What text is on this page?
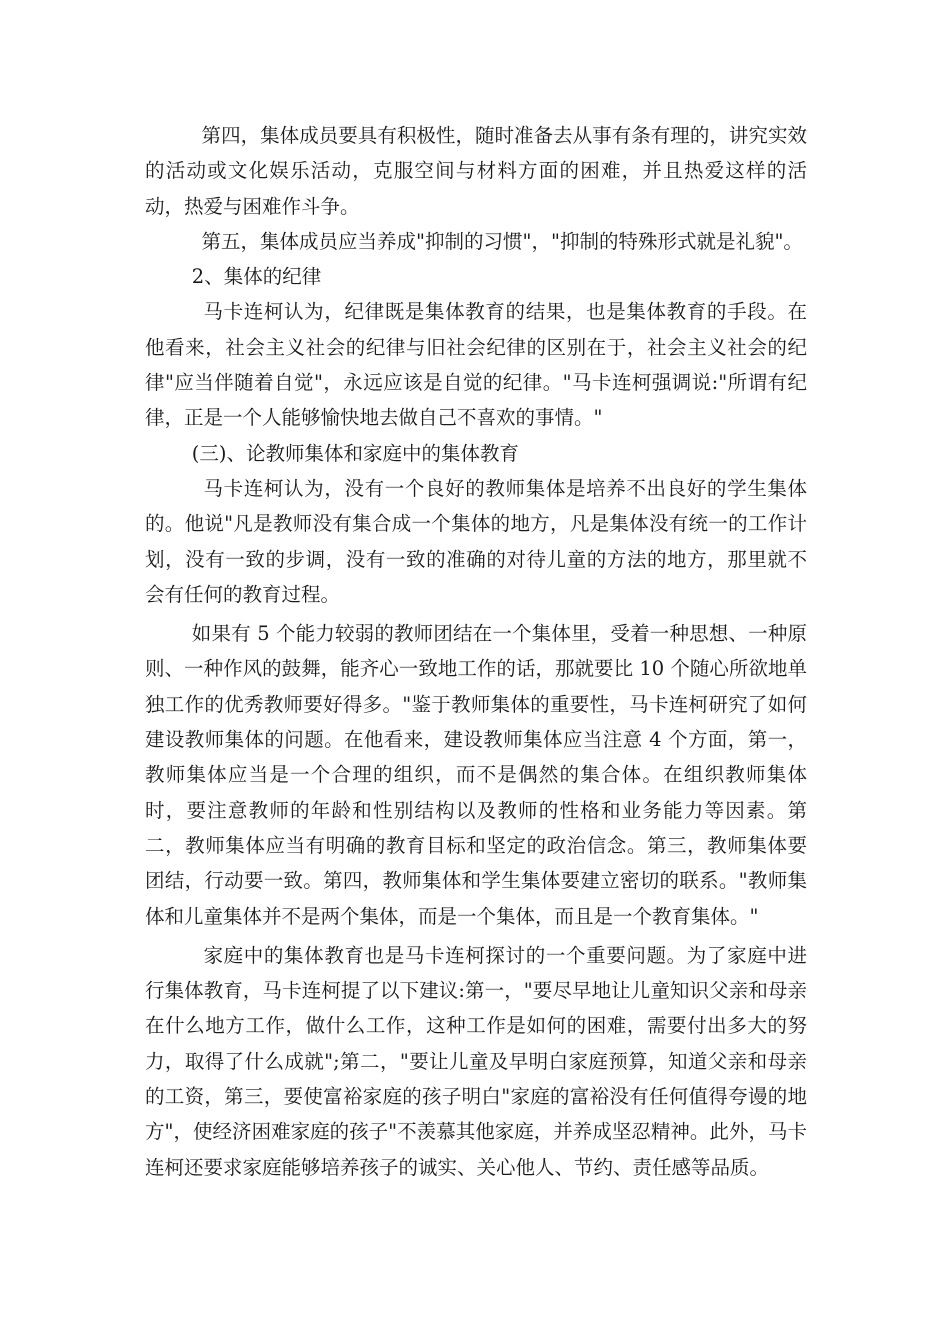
第四，集体成员要具有积极性，随时准备去从事有条有理的，讲究实效的活动或文化娱乐活动，克服空间与材料方面的困难，并且热爱这样的活动，热爱与困难作斗争。

第五，集体成员应当养成"抑制的习惯"，"抑制的特殊形式就是礼貌"。

2、集体的纪律

马卡连柯认为，纪律既是集体教育的结果，也是集体教育的手段。在他看来，社会主义社会的纪律与旧社会纪律的区别在于，社会主义社会的纪律"应当伴随着自觉"，永远应该是自觉的纪律。"马卡连柯强调说:"所谓有纪律，正是一个人能够愉快地去做自己不喜欢的事情。"

(三)、论教师集体和家庭中的集体教育

马卡连柯认为，没有一个良好的教师集体是培养不出良好的学生集体的。他说"凡是教师没有集合成一个集体的地方，凡是集体没有统一的工作计划，没有一致的步调，没有一致的准确的对待儿童的方法的地方，那里就不会有任何的教育过程。

如果有 5 个能力较弱的教师团结在一个集体里，受着一种思想、一种原则、一种作风的鼓舞，能齐心一致地工作的话，那就要比 10 个随心所欲地单独工作的优秀教师要好得多。"鉴于教师集体的重要性，马卡连柯研究了如何建设教师集体的问题。在他看来，建设教师集体应当注意 4 个方面，第一，教师集体应当是一个合理的组织，而不是偶然的集合体。在组织教师集体时，要注意教师的年龄和性别结构以及教师的性格和业务能力等因素。第二，教师集体应当有明确的教育目标和坚定的政治信念。第三，教师集体要团结，行动要一致。第四，教师集体和学生集体要建立密切的联系。"教师集体和儿童集体并不是两个集体，而是一个集体，而且是一个教育集体。"

家庭中的集体教育也是马卡连柯探讨的一个重要问题。为了家庭中进行集体教育，马卡连柯提了以下建议:第一，"要尽早地让儿童知识父亲和母亲在什么地方工作，做什么工作，这种工作是如何的困难，需要付出多大的努力，取得了什么成就";第二，"要让儿童及早明白家庭预算，知道父亲和母亲的工资，第三，要使富裕家庭的孩子明白"家庭的富裕没有任何值得夸谩的地方"，使经济困难家庭的孩子"不羡慕其他家庭，并养成坚忍精神。此外，马卡连柯还要求家庭能够培养孩子的诚实、关心他人、节约、责任感等品质。
